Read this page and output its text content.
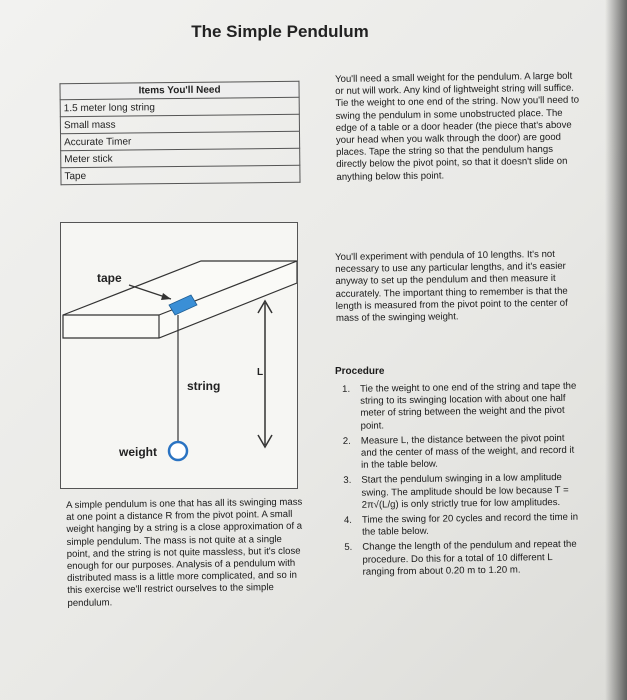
The Simple Pendulum
Items You'll Need
1.5 meter long string
Small mass
Accurate Timer
Meter stick
Tape
You'll need a small weight for the pendulum. A large bolt or nut will work. Any kind of lightweight string will suffice. Tie the weight to one end of the string. Now you'll need to swing the pendulum in some unobstructed place. The edge of a table or a door header (the piece that's above your head when you walk through the door) are good places. Tape the string so that the pendulum hangs directly below the pivot point, so that it doesn't slide on anything below this point.
You'll experiment with pendula of 10 lengths. It's not necessary to use any particular lengths, and it's easier anyway to set up the pendulum and then measure it accurately. The important thing to remember is that the length is measured from the pivot point to the center of mass of the swinging weight.
Procedure
1.	Tie the weight to one end of the string and tape the string to its swinging location with about one half meter of string between the weight and the pivot point.
2.	Measure L, the distance between the pivot point and the center of mass of the weight, and record it in the table below.
3.	Start the pendulum swinging in a low amplitude swing. The amplitude should be low because T = 2π√(L/g) is only strictly true for low amplitudes.
4.	Time the swing for 20 cycles and record the time in the table below.
5.	Change the length of the pendulum and repeat the procedure. Do this for a total of 10 different L ranging from about 0.20 m to 1.20 m.
tape
string
L
weight
A simple pendulum is one that has all its swinging mass at one point a distance R from the pivot point. A small weight hanging by a string is a close approximation of a simple pendulum. The mass is not quite at a single point, and the string is not quite massless, but it's close enough for our purposes. Analysis of a pendulum with distributed mass is a little more complicated, and so in this exercise we'll restrict ourselves to the simple pendulum.
